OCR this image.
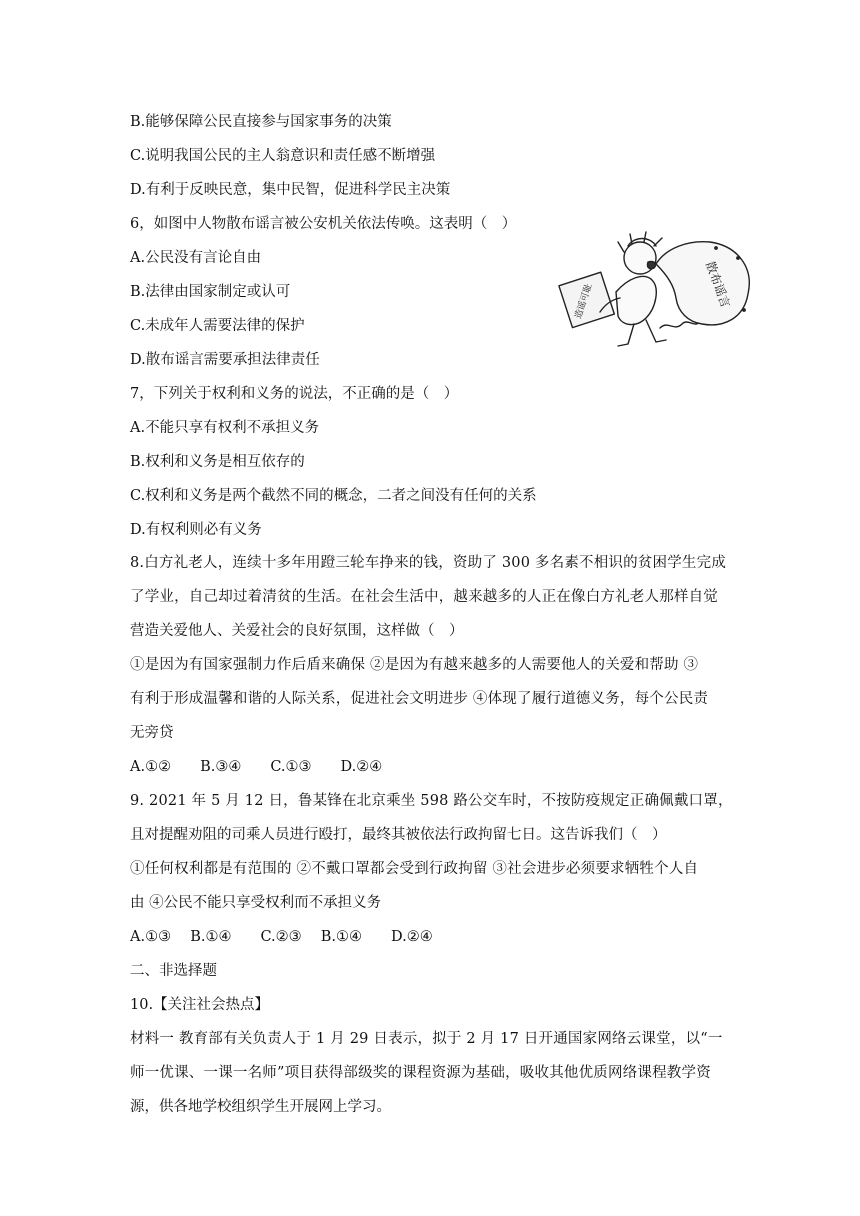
B.能够保障公民直接参与国家事务的决策
C.说明我国公民的主人翁意识和责任感不断增强
D.有利于反映民意，集中民智，促进科学民主决策
6，如图中人物散布谣言被公安机关依法传唤。这表明（　）
A.公民没有言论自由
B.法律由国家制定或认可
C.未成年人需要法律的保护
D.散布谣言需要承担法律责任
7，下列关于权利和义务的说法，不正确的是（　）
A.不能只享有权利不承担义务
B.权利和义务是相互依存的
C.权利和义务是两个截然不同的概念，二者之间没有任何的关系
D.有权利则必有义务
8.白方礼老人，连续十多年用蹬三轮车挣来的钱，资助了 300 多名素不相识的贫困学生完成
了学业，自己却过着清贫的生活。在社会生活中，越来越多的人正在像白方礼老人那样自觉
营造关爱他人、关爱社会的良好氛围，这样做（　）
①是因为有国家强制力作后盾来确保 ②是因为有越来越多的人需要他人的关爱和帮助 ③
有利于形成温馨和谐的人际关系，促进社会文明进步 ④体现了履行道德义务，每个公民责
无旁贷
A.①②　　B.③④　　C.①③　　D.②④
9. 2021 年 5 月 12 日，鲁某锋在北京乘坐 598 路公交车时，不按防疫规定正确佩戴口罩，
且对提醒劝阻的司乘人员进行殴打，最终其被依法行政拘留七日。这告诉我们（　）
①任何权利都是有范围的 ②不戴口罩都会受到行政拘留 ③社会进步必须要求牺牲个人自
由 ④公民不能只享受权利而不承担义务
A.①③　 B.①④　　C.②③　 B.①④　　D.②④
二、非选择题
10.【关注社会热点】
材料一 教育部有关负责人于 1 月 29 日表示，拟于 2 月 17 日开通国家网络云课堂，以“一
师一优课、一课一名师”项目获得部级奖的课程资源为基础，吸收其他优质网络课程教学资
源，供各地学校组织学生开展网上学习。
造谣可耻	散布谣言
